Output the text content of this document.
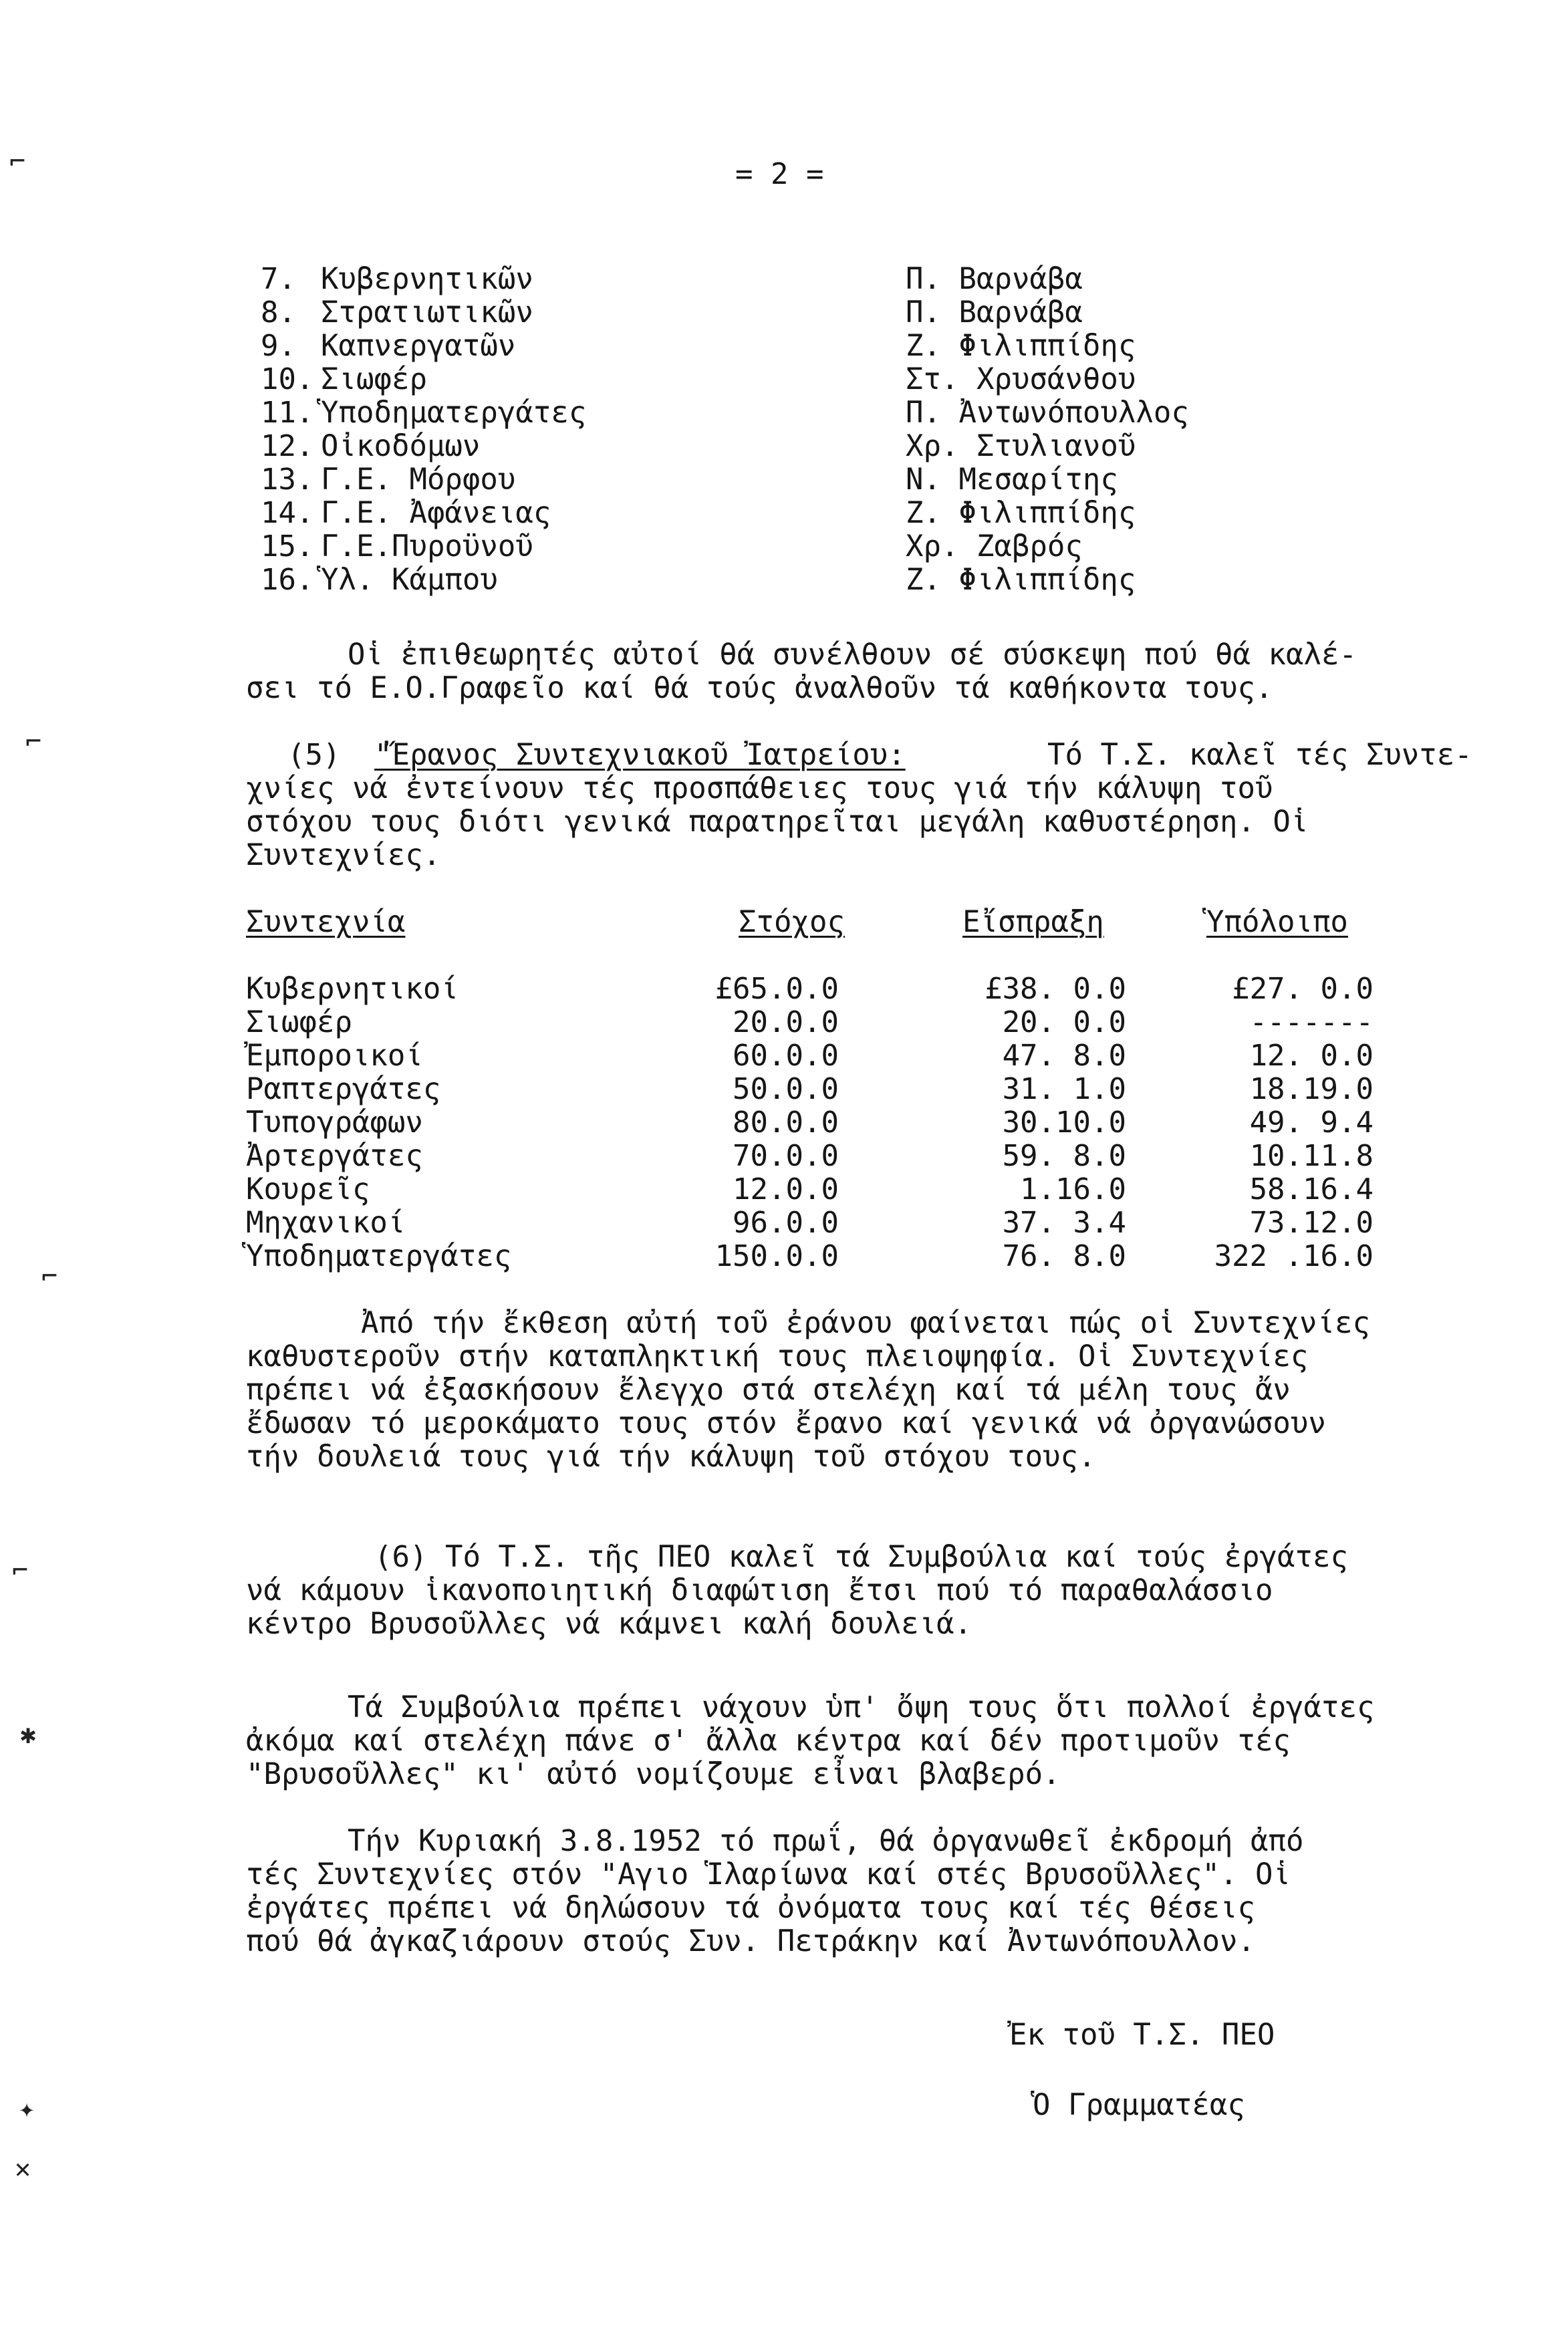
= 2 =
7. Κυβερνητικῶν	Π. Βαρνάβα
8. Στρατιωτικῶν	Π. Βαρνάβα
9. Καπνεργατῶν	Ζ. Φιλιππίδης
10. Σιωφέρ	Στ. Χρυσάνθου
11. Ὑποδηματεργάτες	Π. Ἀντωνόπουλλος
12. Οἰκοδόμων	Χρ. Στυλιανοῦ
13. Γ.Ε. Μόρφου	Ν. Μεσαρίτης
14. Γ.Ε. Ἀφάνειας	Ζ. Φιλιππίδης
15. Γ.Ε.Πυροϋνοῦ	Χρ. Ζαβρός
16. Ὑλ. Κάμπου	Ζ. Φιλιππίδης
Οἱ ἐπιθεωρητές αὐτοί θά συνέλθουν σέ σύσκεψη πού θά καλέ-
σει τό Ε.Ο.Γραφεῖο καί θά τούς ἀναλθοῦν τά καθήκοντα τους.
(5) "Ἔρανος Συντεχνιακοῦ Ἰατρείου:	Τό Τ.Σ. καλεῖ τές Συντε-
χνίες νά ἐντείνουν τές προσπάθειες τους γιά τήν κάλυψη τοῦ
στόχου τους διότι γενικά παρατηρεῖται μεγάλη καθυστέρηση. Οἱ
Συντεχνίες.
Συντεχνία	Στόχος	Εἴσπραξη	Ὑπόλοιπο
Κυβερνητικοί	£65.0.0	£38. 0.0	£27. 0.0
Σιωφέρ	20.0.0	20. 0.0	-------
Ἐμποροικοί	60.0.0	47. 8.0	12. 0.0
Ραπτεργάτες	50.0.0	31. 1.0	18.19.0
Τυπογράφων	80.0.0	30.10.0	49. 9.4
Ἀρτεργάτες	70.0.0	59. 8.0	10.11.8
Κουρεῖς	12.0.0	1.16.0	58.16.4
Μηχανικοί	96.0.0	37. 3.4	73.12.0
Ὑποδηματεργάτες	150.0.0	76. 8.0	322 .16.0
Ἀπό τήν ἔκθεση αὐτή τοῦ ἐράνου φαίνεται πώς οἱ Συντεχνίες
καθυστεροῦν στήν καταπληκτική τους πλειοψηφία. Οἱ Συντεχνίες
πρέπει νά ἐξασκήσουν ἔλεγχο στά στελέχη καί τά μέλη τους ἄν
ἔδωσαν τό μεροκάματο τους στόν ἔρανο καί γενικά νά ὀργανώσουν
τήν δουλειά τους γιά τήν κάλυψη τοῦ στόχου τους.
(6) Τό Τ.Σ. τῆς ΠΕΟ καλεῖ τά Συμβούλια καί τούς ἐργάτες
νά κάμουν ἱκανοποιητική διαφώτιση ἔτσι πού τό παραθαλάσσιο
κέντρο Βρυσοῦλλες νά κάμνει καλή δουλειά.
Τά Συμβούλια πρέπει νάχουν ὑπ' ὄψη τους ὅτι πολλοί ἐργάτες
ἀκόμα καί στελέχη πάνε σ' ἄλλα κέντρα καί δέν προτιμοῦν τές
"Βρυσοῦλλες" κι' αὐτό νομίζουμε εἶναι βλαβερό.
Τήν Κυριακή 3.8.1952 τό πρωΐ, θά ὀργανωθεῖ ἐκδρομή ἀπό
τές Συντεχνίες στόν "Αγιο Ἱλαρίωνα καί στές Βρυσοῦλλες". Οἱ
ἐργάτες πρέπει νά δηλώσουν τά ὀνόματα τους καί τές θέσεις
πού θά ἀγκαζιάρουν στούς Συν. Πετράκην καί Ἀντωνόπουλλον.
Ἐκ τοῦ Τ.Σ. ΠΕΟ
Ὁ Γραμματέας
⌐
⌐
⌐
⌐
✱
✦
✕
